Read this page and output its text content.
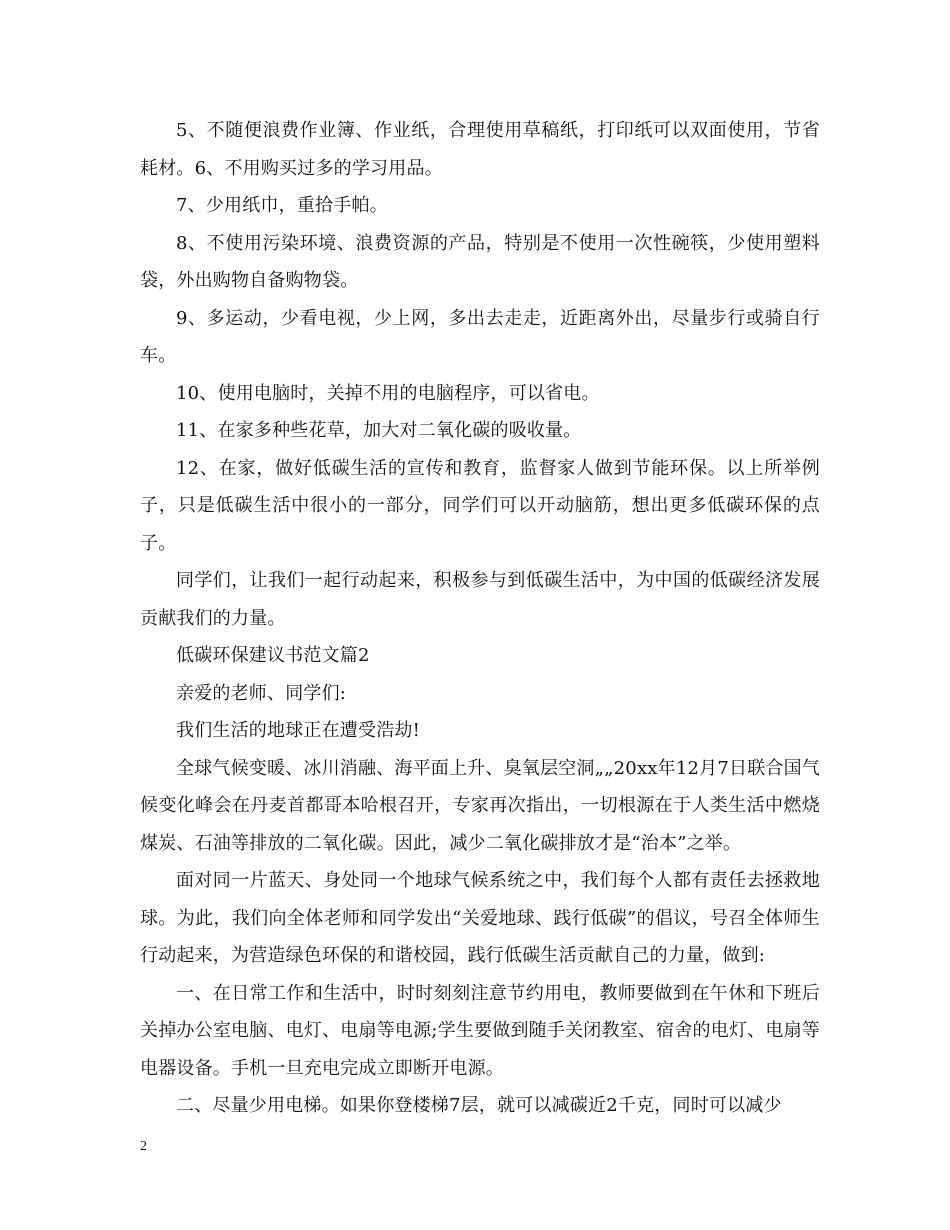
5、不随便浪费作业簿、作业纸，合理使用草稿纸，打印纸可以双面使用，节省耗材。6、不用购买过多的学习用品。

7、少用纸巾，重拾手帕。

8、不使用污染环境、浪费资源的产品，特别是不使用一次性碗筷，少使用塑料袋，外出购物自备购物袋。

9、多运动，少看电视，少上网，多出去走走，近距离外出，尽量步行或骑自行车。

10、使用电脑时，关掉不用的电脑程序，可以省电。

11、在家多种些花草，加大对二氧化碳的吸收量。

12、在家，做好低碳生活的宣传和教育，监督家人做到节能环保。以上所举例子，只是低碳生活中很小的一部分，同学们可以开动脑筋，想出更多低碳环保的点子。

同学们，让我们一起行动起来，积极参与到低碳生活中，为中国的低碳经济发展贡献我们的力量。

低碳环保建议书范文篇2

亲爱的老师、同学们:

我们生活的地球正在遭受浩劫!

全球气候变暖、冰川消融、海平面上升、臭氧层空洞„„20xx年12月7日联合国气候变化峰会在丹麦首都哥本哈根召开，专家再次指出，一切根源在于人类生活中燃烧煤炭、石油等排放的二氧化碳。因此，减少二氧化碳排放才是“治本”之举。

面对同一片蓝天、身处同一个地球气候系统之中，我们每个人都有责任去拯救地球。为此，我们向全体老师和同学发出“关爱地球、践行低碳”的倡议，号召全体师生行动起来，为营造绿色环保的和谐校园，践行低碳生活贡献自己的力量，做到:

一、在日常工作和生活中，时时刻刻注意节约用电，教师要做到在午休和下班后关掉办公室电脑、电灯、电扇等电源;学生要做到随手关闭教室、宿舍的电灯、电扇等电器设备。手机一旦充电完成立即断开电源。

二、尽量少用电梯。如果你登楼梯7层，就可以减碳近2千克，同时可以减少

2
